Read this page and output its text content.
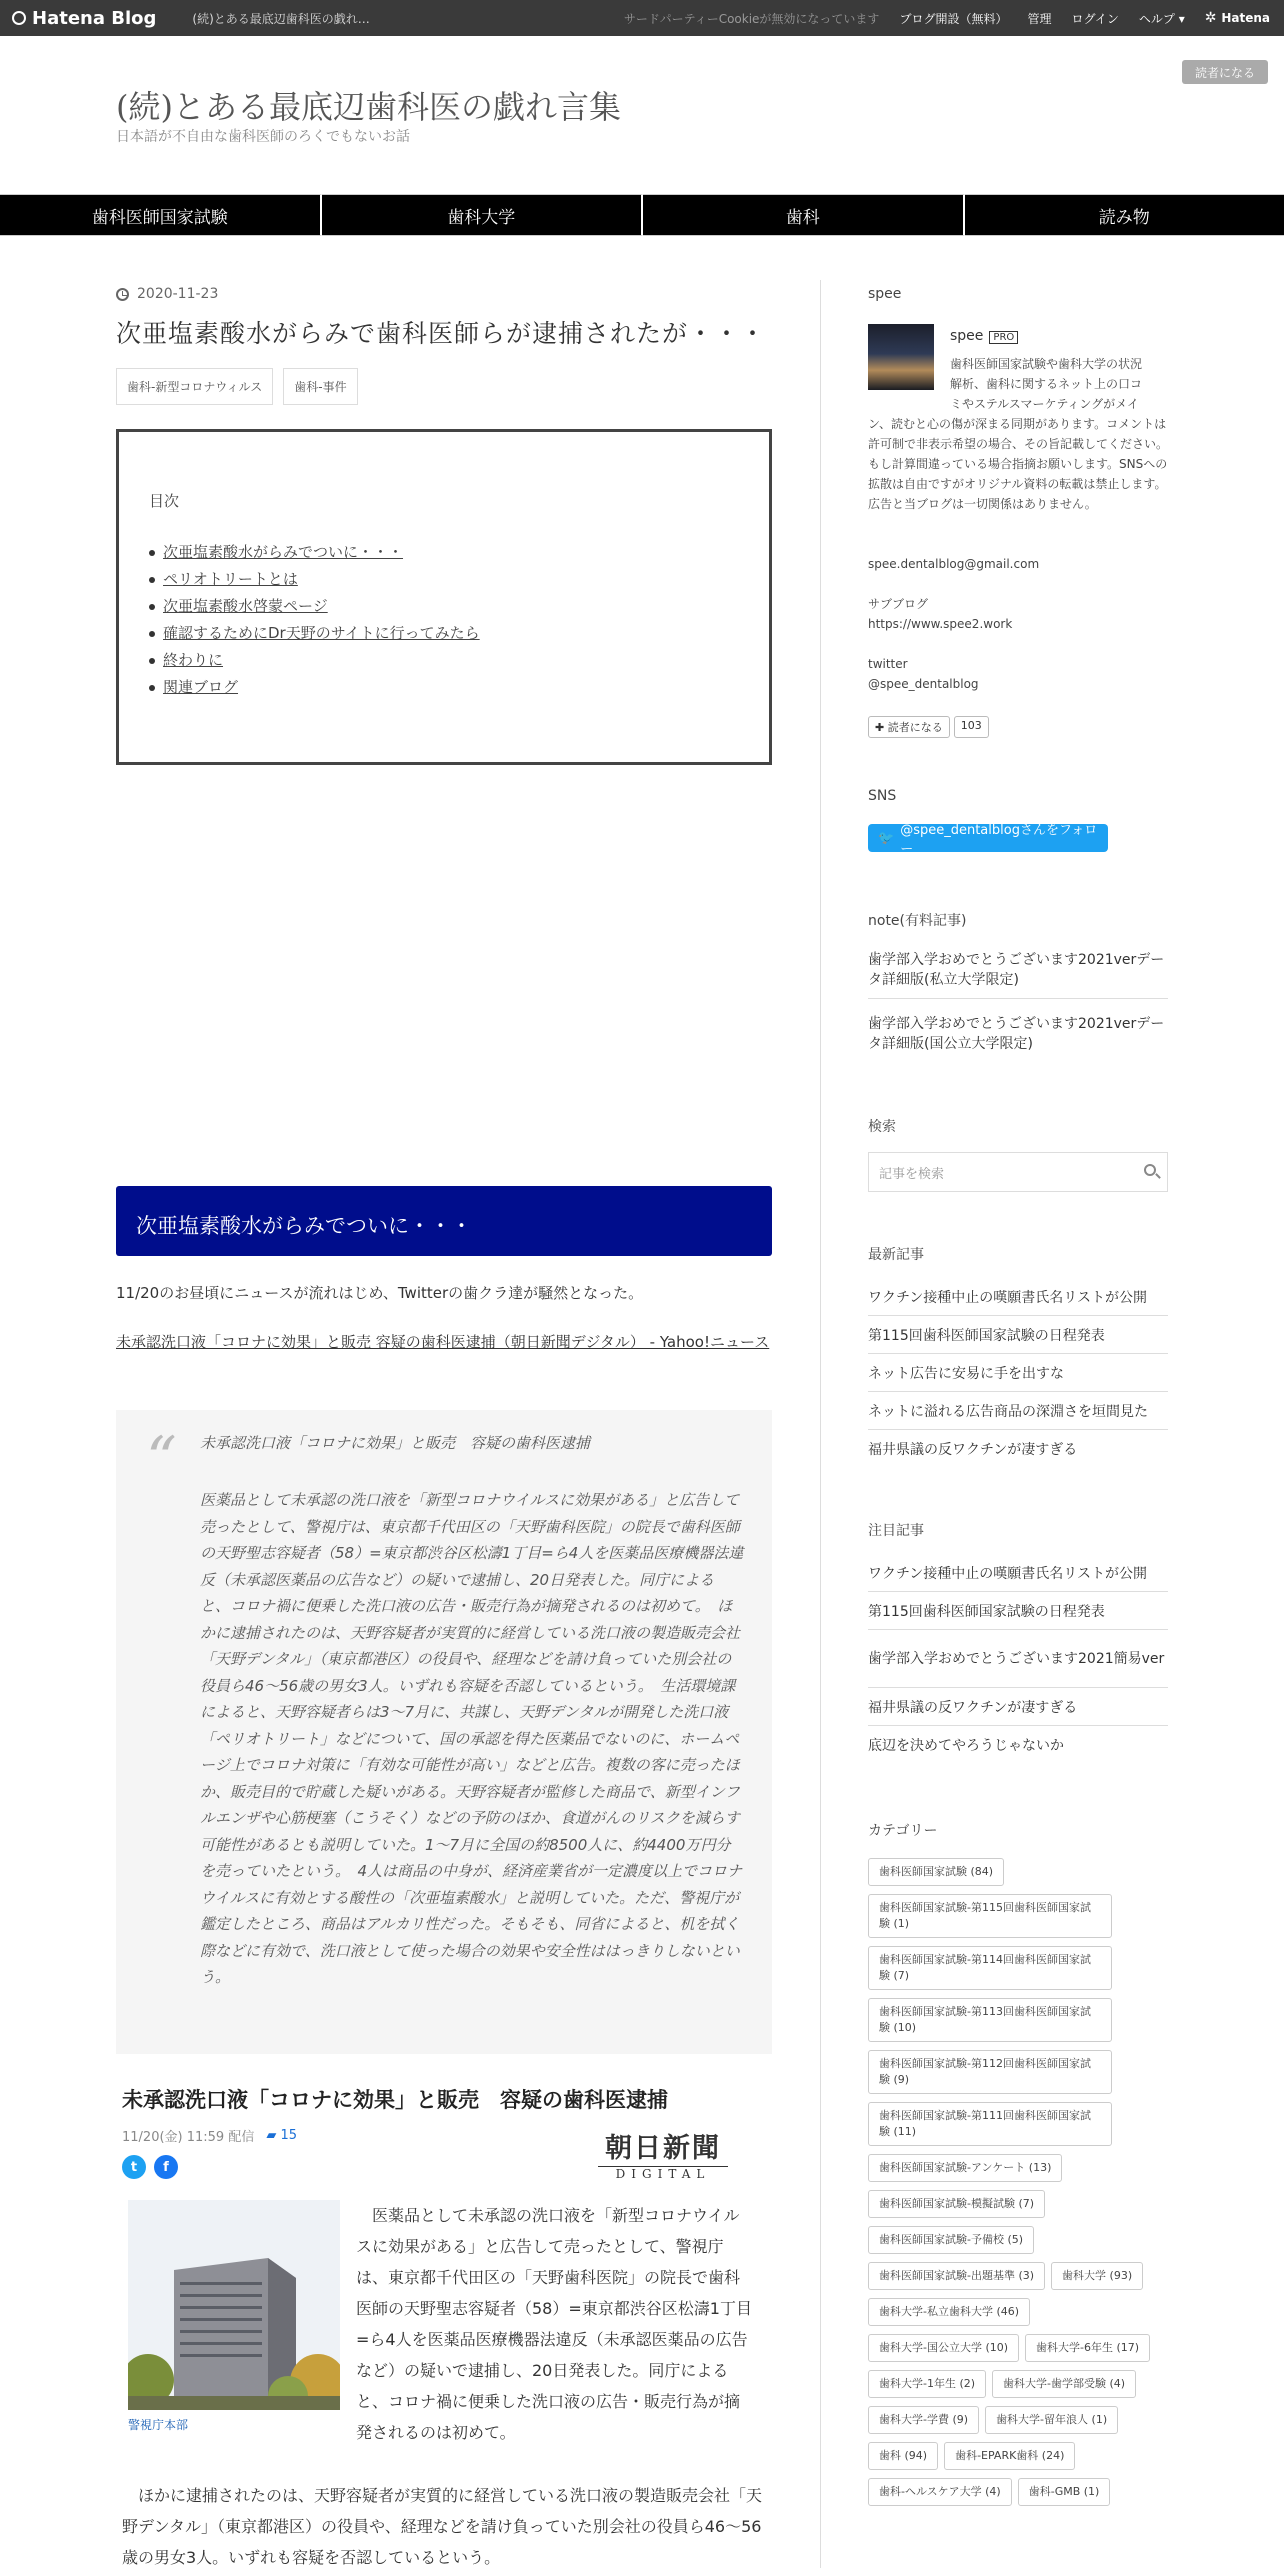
Hatena Blog	(続)とある最底辺歯科医の戯れ…	サードパーティーCookieが無効になっています ブログ開設（無料） 管理 ログイン ヘルプ ▾ ✲ Hatena
読者になる
(続)とある最底辺歯科医の戯れ言集
日本語が不自由な歯科医師のろくでもないお話
歯科医師国家試験	歯科大学	歯科	読み物
2020-11-23
次亜塩素酸水がらみで歯科医師らが逮捕されたが・・・
歯科-新型コロナウィルス	歯科-事件
目次
次亜塩素酸水がらみでついに・・・
ペリオトリートとは
次亜塩素酸水啓蒙ページ
確認するためにDr天野のサイトに行ってみたら
終わりに
関連ブログ
次亜塩素酸水がらみでついに・・・
11/20のお昼頃にニュースが流れはじめ、Twitterの歯クラ達が騒然となった。
未承認洗口液「コロナに効果」と販売 容疑の歯科医逮捕（朝日新聞デジタル） - Yahoo!ニュース
“ 未承認洗口液「コロナに効果」と販売　容疑の歯科医逮捕
医薬品として未承認の洗口液を「新型コロナウイルスに効果がある」と広告して売ったとして、警視庁は、東京都千代田区の「天野歯科医院」の院長で歯科医師の天野聖志容疑者（58）=東京都渋谷区松濤1丁目=ら4人を医薬品医療機器法違反（未承認医薬品の広告など）の疑いで逮捕し、20日発表した。同庁によると、コロナ禍に便乗した洗口液の広告・販売行為が摘発されるのは初めて。　ほかに逮捕されたのは、天野容疑者が実質的に経営している洗口液の製造販売会社「天野デンタル」（東京都港区）の役員や、経理などを請け負っていた別会社の役員ら46～56歳の男女3人。いずれも容疑を否認しているという。　生活環境課によると、天野容疑者らは3～7月に、共謀し、天野デンタルが開発した洗口液「ペリオトリート」などについて、国の承認を得た医薬品でないのに、ホームページ上でコロナ対策に「有効な可能性が高い」などと広告。複数の客に売ったほか、販売目的で貯蔵した疑いがある。天野容疑者が監修した商品で、新型インフルエンザや心筋梗塞（こうそく）などの予防のほか、食道がんのリスクを減らす可能性があるとも説明していた。1～7月に全国の約8500人に、約4400万円分を売っていたという。　4人は商品の中身が、経済産業省が一定濃度以上でコロナウイルスに有効とする酸性の「次亜塩素酸水」と説明していた。ただ、警視庁が鑑定したところ、商品はアルカリ性だった。そもそも、同省によると、机を拭く際などに有効で、洗口液として使った場合の効果や安全性ははっきりしないという。
未承認洗口液「コロナに効果」と販売　容疑の歯科医逮捕
11/20(金) 11:59 配信 ▰ 15	朝日新聞
DIGITAL
t	f
警視庁本部
医薬品として未承認の洗口液を「新型コロナウイルスに効果がある」と広告して売ったとして、警視庁は、東京都千代田区の「天野歯科医院」の院長で歯科医師の天野聖志容疑者（58）=東京都渋谷区松濤1丁目=ら4人を医薬品医療機器法違反（未承認医薬品の広告など）の疑いで逮捕し、20日発表した。同庁によると、コロナ禍に便乗した洗口液の広告・販売行為が摘発されるのは初めて。
ほかに逮捕されたのは、天野容疑者が実質的に経営している洗口液の製造販売会社「天野デンタル」（東京都港区）の役員や、経理などを請け負っていた別会社の役員ら46～56歳の男女3人。いずれも容疑を否認しているという。
spee
spee PRO
歯科医師国家試験や歯科大学の状況
解析、歯科に関するネット上の口コ
ミやステルスマーケティングがメイ
ン、読むと心の傷が深まる同期があります。コメントは許可制で非表示希望の場合、その旨記載してください。もし計算間違っている場合指摘お願いします。SNSへの拡散は自由ですがオリジナル資料の転載は禁止します。広告と当ブログは一切関係はありません。
spee.dentalblog@gmail.com
サブブログ
https://www.spee2.work
twitter
@spee_dentalblog
✚ 読者になる	103
SNS
🐦 @spee_dentalblogさんをフォロー
note(有料記事)
歯学部入学おめでとうございます2021verデータ詳細版(私立大学限定)
歯学部入学おめでとうございます2021verデータ詳細版(国公立大学限定)
検索
記事を検索
最新記事
ワクチン接種中止の嘆願書氏名リストが公開
第115回歯科医師国家試験の日程発表
ネット広告に安易に手を出すな
ネットに溢れる広告商品の深淵さを垣間見た
福井県議の反ワクチンが凄すぎる
注目記事
ワクチン接種中止の嘆願書氏名リストが公開
第115回歯科医師国家試験の日程発表
歯学部入学おめでとうございます2021簡易ver
福井県議の反ワクチンが凄すぎる
底辺を決めてやろうじゃないか
カテゴリー
歯科医師国家試験 (84)
歯科医師国家試験-第115回歯科医師国家試験 (1)
歯科医師国家試験-第114回歯科医師国家試験 (7)
歯科医師国家試験-第113回歯科医師国家試験 (10)
歯科医師国家試験-第112回歯科医師国家試験 (9)
歯科医師国家試験-第111回歯科医師国家試験 (11)
歯科医師国家試験-アンケート (13)
歯科医師国家試験-模擬試験 (7)
歯科医師国家試験-予備校 (5)
歯科医師国家試験-出題基準 (3)	歯科大学 (93)
歯科大学-私立歯科大学 (46)
歯科大学-国公立大学 (10)	歯科大学-6年生 (17)
歯科大学-1年生 (2)	歯科大学-歯学部受験 (4)
歯科大学-学費 (9)	歯科大学-留年浪人 (1)
歯科 (94)	歯科-EPARK歯科 (24)
歯科-ヘルスケア大学 (4)	歯科-GMB (1)
